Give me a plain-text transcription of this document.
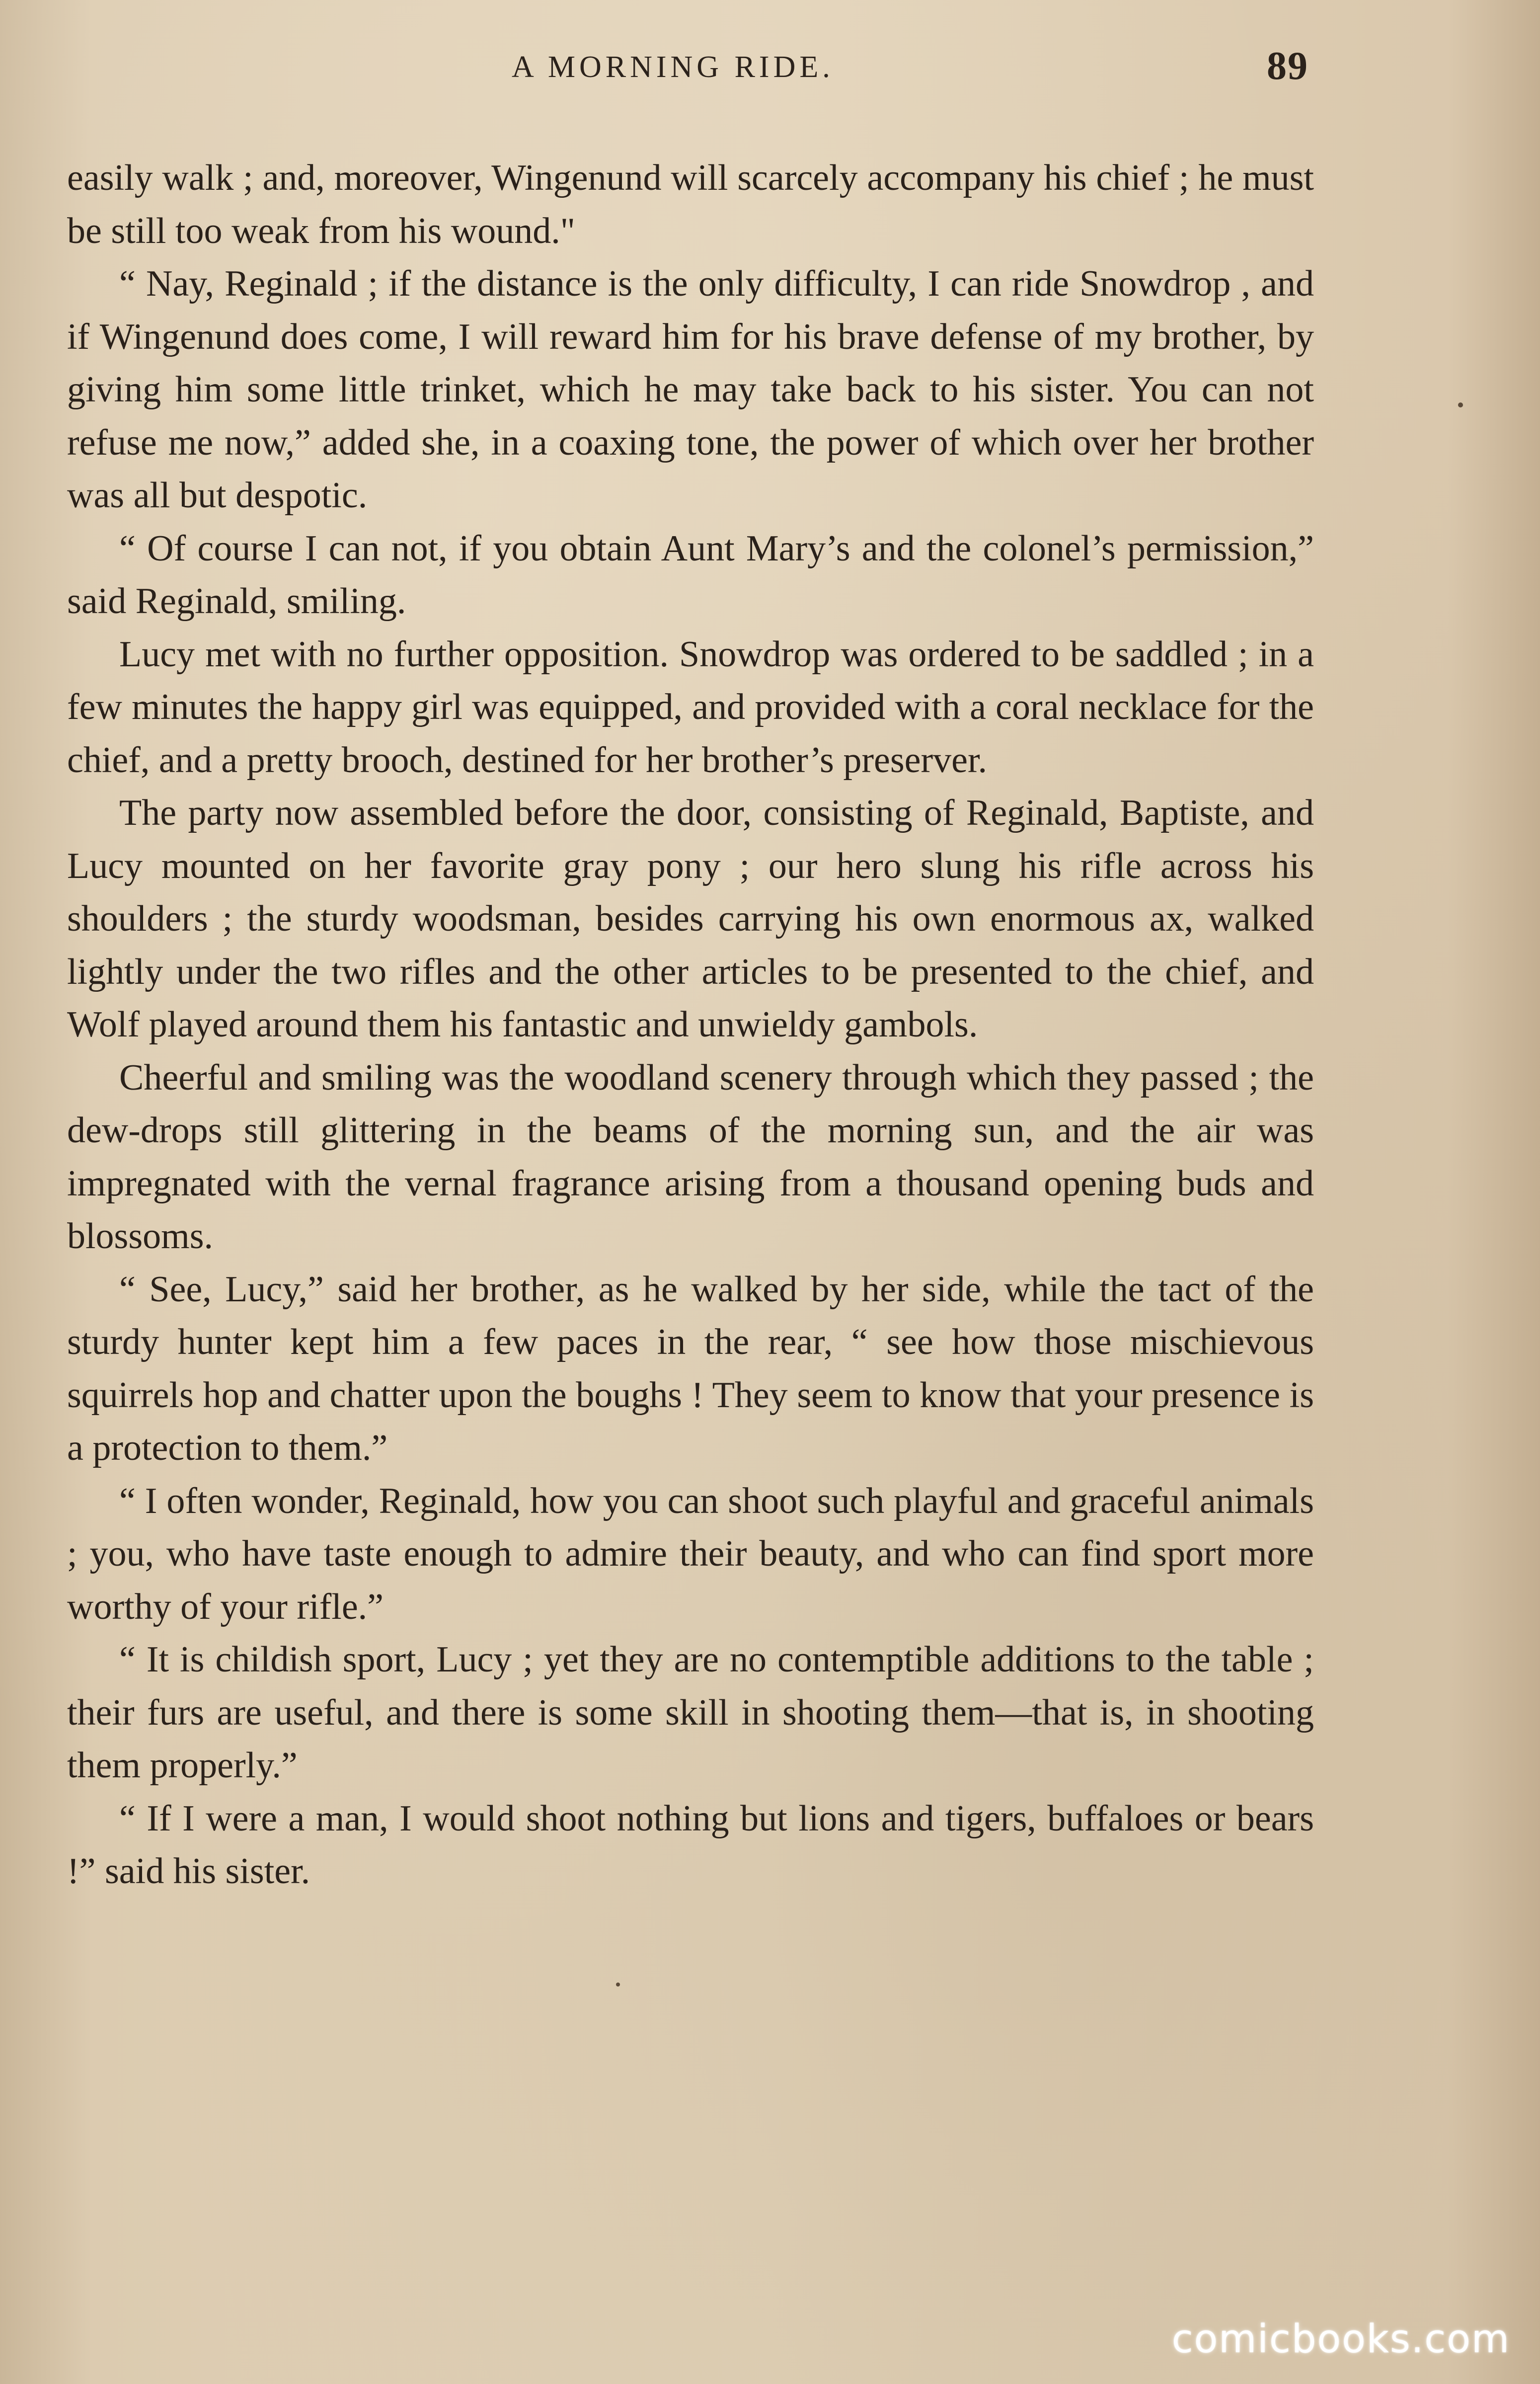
A MORNING RIDE.	89

easily walk ; and, moreover, Wingenund will scarcely accompany his chief ; he must be still too weak from his wound."

“ Nay, Reginald ; if the distance is the only difficulty, I can ride Snowdrop , and if Wingenund does come, I will reward him for his brave defense of my brother, by giving him some little trinket, which he may take back to his sister. You can not refuse me now,” added she, in a coaxing tone, the power of which over her brother was all but despotic.

“ Of course I can not, if you obtain Aunt Mary’s and the colonel’s permission,” said Reginald, smiling.

Lucy met with no further opposition. Snowdrop was ordered to be saddled ; in a few minutes the happy girl was equipped, and provided with a coral necklace for the chief, and a pretty brooch, destined for her brother’s preserver.

The party now assembled before the door, consisting of Reginald, Baptiste, and Lucy mounted on her favorite gray pony ; our hero slung his rifle across his shoulders ; the sturdy woodsman, besides carrying his own enormous ax, walked lightly under the two rifles and the other articles to be presented to the chief, and Wolf played around them his fantastic and unwieldy gambols.

Cheerful and smiling was the woodland scenery through which they passed ; the dew-drops still glittering in the beams of the morning sun, and the air was impregnated with the vernal fragrance arising from a thousand opening buds and blossoms.

“ See, Lucy,” said her brother, as he walked by her side, while the tact of the sturdy hunter kept him a few paces in the rear, “ see how those mischievous squirrels hop and chatter upon the boughs ! They seem to know that your presence is a protection to them.”

“ I often wonder, Reginald, how you can shoot such playful and graceful animals ; you, who have taste enough to admire their beauty, and who can find sport more worthy of your rifle.”

“ It is childish sport, Lucy ; yet they are no contemptible additions to the table ; their furs are useful, and there is some skill in shooting them—that is, in shooting them properly.”

“ If I were a man, I would shoot nothing but lions and tigers, buffaloes or bears !” said his sister.

comicbooks.com
